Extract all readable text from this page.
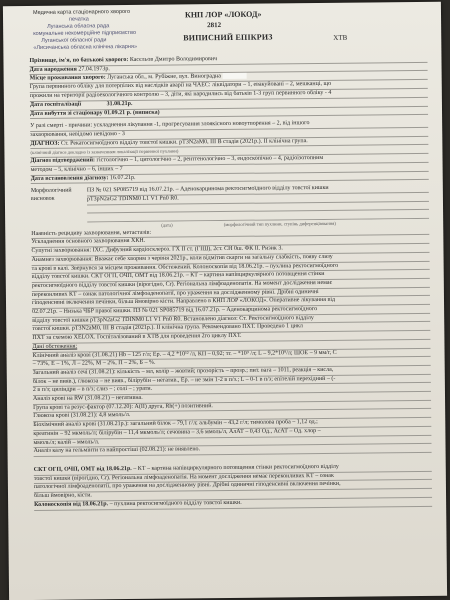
Медична карта стаціонарного хворого
печатка
Луганська обласна рада
комунальне некомерційне підприємство
Луганської обласної ради
«Лисичанська обласна клінічна лікарня»
КНП ЛОР «ЛОКОД»
2812
ВИПИСНИЙ ЕПІКРИЗ	ХТВ
Прізвище, ім'я, по батькові хворого: Касєльов Дмитро Володимирович
Дата народження 27.04.1973р.
Місце проживання хворого: Луганська обл., м. Рубіжне, вул. Виноградна
Група первинного обліку для потерпілих від наслідків аварії на ЧАЕС: ліквідатори – 1, евакуйовані – 2, мешканці, що
прожили на території радіоекологічного контролю – 3, діти, які народились від батьків 1-3 груп первинного обліку - 4
Дата госпіталізації	31.08.21р.
Дата вибуття зі стаціонару 01.09.21 р. (виписка)
У разі смерті - причини: ускладнення лікування -1, прогресування злоякісного новоутворення – 2, від іншого
захворювання, невідомо невідомо - 3
ДІАГНОЗ: Ст. Рекатосигмоїдного відділу товстої кишки. pT3N2aM0, III B стадія (2021р.). II клінічна група.
(клінічний діагноз докладно із зазначенням локалізації первинної пухлини)
Діагноз підтверджений: гістологічно – 1, цитологічно – 2, рентгенологічно – 3, ендоскопічно – 4, радіоізотопним
методом – 5, клінічно – 6, інших – 7
Дата встановлення діагнозу: 16.07.21р.
Морфологічний висновок
ПЗ № 021 SP085719 від 16.07.21р. – Аденокарцинома ректосигмоїдного відділу товстої кишки
pT3pN2aG2 TDINM0 L1 V1 Pn0 R0.
(дата)	(морфологічний тип пухлини, ступінь диференціювання)
Наявність рецидиву захворювання, метастазів:
Ускладнення основного захворювання ХКН.
Супутні захворювання: ІХС. Дифузний кардіосклероз. ГХ II ст. (ГІШ), 2ст. СН 0ш. ФК II. Ризик 3.
Анамнез захворювання: Вважає себе хворим з червня 2021р., коли відмітив скарги на загальну слабкість, появу слизу
та крові в калі. Звернувся за місцем проживання. Обстежений. Колоноскопія від 18.06.21р. – пухлина ректосигмоїдного
відділу товстої кишки. СКТ ОГП, ОЧП, ОМТ від 18.06.21р. – КТ – картина напівциркулярного потовщення стінки
ректосигмоїдного відділу товстої кишки (вірогідно, Cr). Регіональна лімфоаденопатія. На момент дослідження немає
переконливих КТ – ознак патологічної лімфоаденопатії, про ураження на дослідженному рівні. Дрібні одиничні
гіподенсивні включення печінки, більш ймовірно кісти. Направлено в КНП ЛОР «ЛОКОД». Оперативне лікування від
02.07.21р. – Низька ЧБР правої кишки. ПЗ № 021 SP085719 від 16.07.21р. – Аденокарцинома ректосигмоїдного
відділу товстої кишки pT3pN2aG2 TDINM0 L1 V1 Pn0 R0. Встановлено діагноз: Ст. Ректосигмоїдного відділу
товстої кишки. pT3N2aM0, III B стадія (2021р.). II клінічна група. Рекомендовано ПХТ. Проведено 1 цикл
ПХТ за схемою XELOX. Госпіталізований в ХТВ для проведення 2го циклу ПХТ.
Дані обстеження:
Клінічний аналіз крові (31.08.21) Hb – 125 г/л; Ер. – 4,2 *10¹² /л, КП – 0,92; тг. – *10⁹ /л; L – 9,2*10⁹/л; ШОЕ – 9 мм/г, С
– 73%, Е – 1%, Л – 22%, М – 2%, П – 2%, Б – %.
Загальний аналіз сечі (31.08.21): кількість – мл, колір – жовтий; прозорість – прозр.; пит. вага – 1011, реакція – кисла,
білок – не вияв.), глюкоза – не вияв., білірубін – негатив., Ер. – не змін 1-2 в п/з.; L – 0-1 в п/з; епітелій перехідний – (-
2 в п/з; циліндри – в п/з; слиз – ; солі – ; урати.
Аналіз крові на RW (31.08.21) – негативна.
Група крові та резус-фактор (07.12.20): А(II) друга, Rh(+) позитивний.
Глюкоза крові (31.08.21): 4,8 ммоль/л.
Біохімічний аналіз крові (31.08.21р.): загальний білок – 79,1 г/л; альбумін – 43,2 г/л; тимолова проба – 1,12 од.;
креатинін – 92 мкмоль/л; білірубін – 11,4 мкмоль/л; сечовина – 3,6 ммоль/л, АлАТ – 0,43 Од., АсАТ – Од. хлор –
ммоль/л; калій – ммоль/л.
Аналіз калу на гельмінти та найпростіші (02.08.21): не виявлено.
СКТ ОГП, ОЧП, ОМТ від 18.06.21р. – КТ – картина напівциркулярного потовщення стінки ректосигмоїдного відділу
товстої кишки (вірогідно, Cr). Регіональна лімфоаденопатія. На момент дослідження немає переконливих КТ – ознак
патологічної лімфоаденопатії, про ураження на дослідженному рівні. Дрібні одиничні гіподенсивні включення печінки,
більш ймовірно, кісти.
Колоноскопія від 18.06.21р. – пухлина ректосигмоїдного відділу товстої кишки.
